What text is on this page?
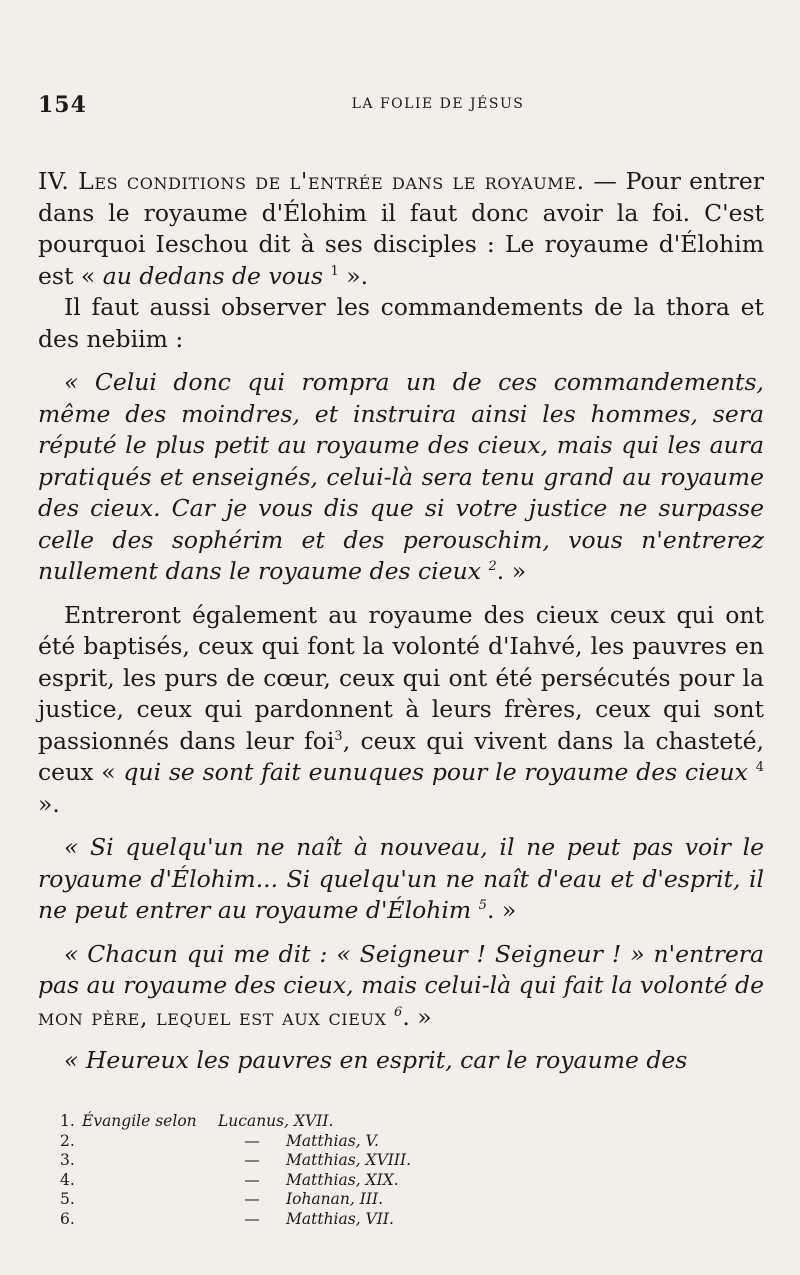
154	LA FOLIE DE JÉSUS

IV. Les conditions de l'entrée dans le royaume. — Pour entrer dans le royaume d'Élohim il faut donc avoir la foi. C'est pourquoi Ieschou dit à ses disciples : Le royaume d'Élohim est « au dedans de vous $^1$ ».

Il faut aussi observer les commandements de la thora et des nebiim :

« Celui donc qui rompra un de ces commandements, même des moindres, et instruira ainsi les hommes, sera réputé le plus petit au royaume des cieux, mais qui les aura pratiqués et enseignés, celui-là sera tenu grand au royaume des cieux. Car je vous dis que si votre justice ne surpasse celle des sophérim et des perouschim, vous n'entrerez nullement dans le royaume des cieux $^2$. »

Entreront également au royaume des cieux ceux qui ont été baptisés, ceux qui font la volonté d'Iahvé, les pauvres en esprit, les purs de cœur, ceux qui ont été persécutés pour la justice, ceux qui pardonnent à leurs frères, ceux qui sont passionnés dans leur foi$^3$, ceux qui vivent dans la chasteté, ceux « qui se sont fait eunuques pour le royaume des cieux $^4$ ».

« Si quelqu'un ne naît à nouveau, il ne peut pas voir le royaume d'Élohim... Si quelqu'un ne naît d'eau et d'esprit, il ne peut entrer au royaume d'Élohim $^5$. »

« Chacun qui me dit : « Seigneur ! Seigneur ! » n'entrera pas au royaume des cieux, mais celui-là qui fait la volonté de mon père, lequel est aux cieux $^6$. »

« Heureux les pauvres en esprit, car le royaume des

1. Évangile selon	Lucanus, XVII.
2.	—	Matthias, V.
3.	—	Matthias, XVIII.
4.	—	Matthias, XIX.
5.	—	Iohanan, III.
6.	—	Matthias, VII.
